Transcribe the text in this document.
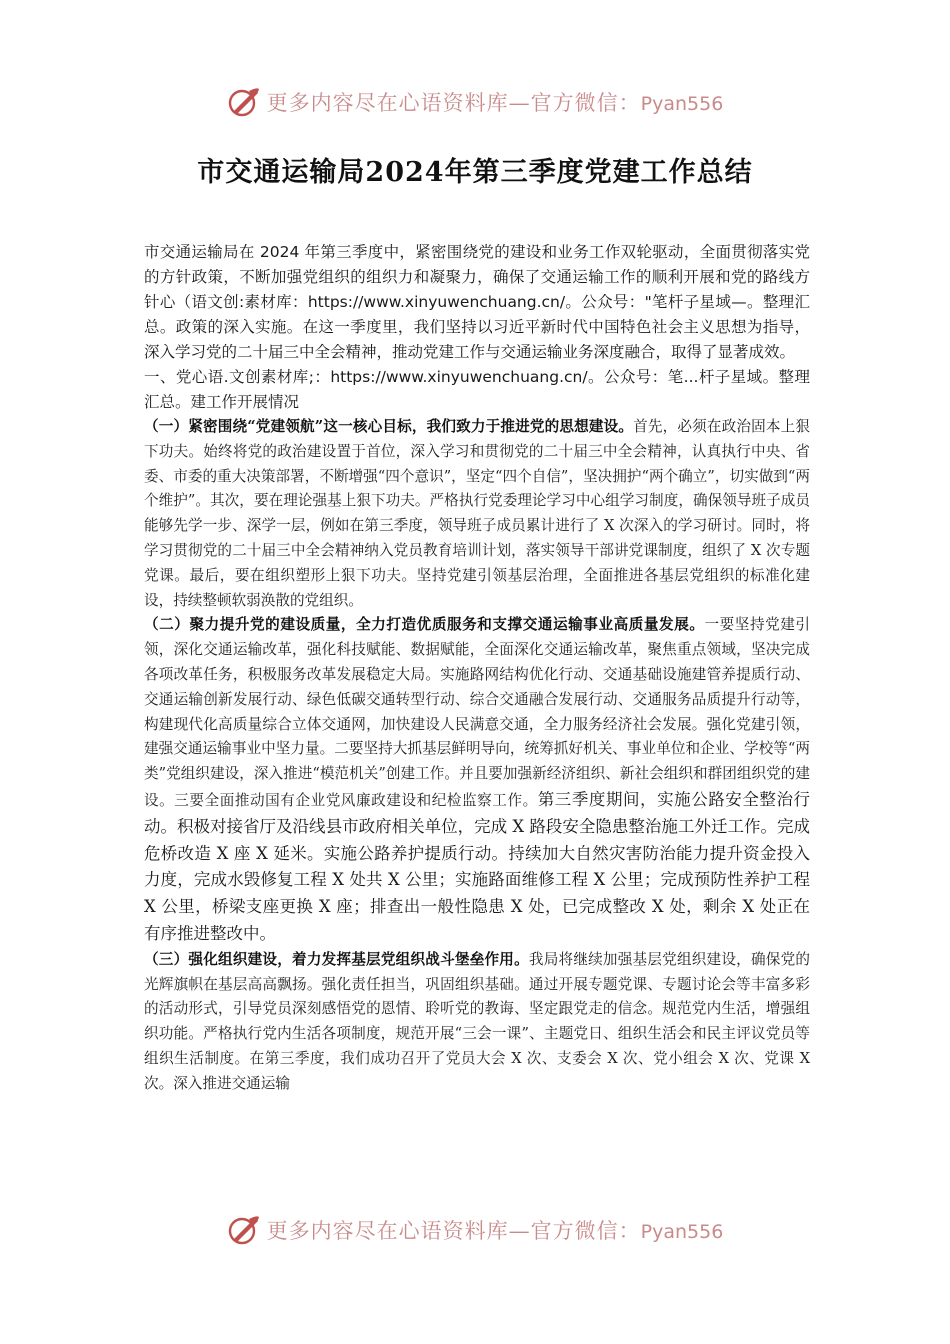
更多内容尽在心语资料库—官方微信：Pyan556
市交通运输局2024年第三季度党建工作总结

市交通运输局在 2024 年第三季度中，紧密围绕党的建设和业务工作双轮驱动，全面贯彻落实党的方针政策，不断加强党组织的组织力和凝聚力，确保了交通运输工作的顺利开展和党的路线方针心（语文创:素材库：https://www.xinyuwenchuang.cn/。公众号："笔杆子星域—。整理汇总。政策的深入实施。在这一季度里，我们坚持以习近平新时代中国特色社会主义思想为指导，深入学习党的二十届三中全会精神，推动党建工作与交通运输业务深度融合，取得了显著成效。

一、党心语.文创素材库;：https://www.xinyuwenchuang.cn/。公众号：笔...杆子星域。整理汇总。建工作开展情况

（一）紧密围绕“党建领航”这一核心目标，我们致力于推进党的思想建设。首先，必须在政治固本上狠下功夫。始终将党的政治建设置于首位，深入学习和贯彻党的二十届三中全会精神，认真执行中央、省委、市委的重大决策部署，不断增强“四个意识”，坚定“四个自信”，坚决拥护“两个确立”，切实做到“两个维护”。其次，要在理论强基上狠下功夫。严格执行党委理论学习中心组学习制度，确保领导班子成员能够先学一步、深学一层，例如在第三季度，领导班子成员累计进行了 X 次深入的学习研讨。同时，将学习贯彻党的二十届三中全会精神纳入党员教育培训计划，落实领导干部讲党课制度，组织了 X 次专题党课。最后，要在组织塑形上狠下功夫。坚持党建引领基层治理，全面推进各基层党组织的标准化建设，持续整顿软弱涣散的党组织。

（二）聚力提升党的建设质量，全力打造优质服务和支撑交通运输事业高质量发展。一要坚持党建引领，深化交通运输改革，强化科技赋能、数据赋能，全面深化交通运输改革，聚焦重点领域，坚决完成各项改革任务，积极服务改革发展稳定大局。实施路网结构优化行动、交通基础设施建管养提质行动、交通运输创新发展行动、绿色低碳交通转型行动、综合交通融合发展行动、交通服务品质提升行动等，构建现代化高质量综合立体交通网，加快建设人民满意交通，全力服务经济社会发展。强化党建引领，建强交通运输事业中坚力量。二要坚持大抓基层鲜明导向，统筹抓好机关、事业单位和企业、学校等“两类”党组织建设，深入推进“模范机关”创建工作。并且要加强新经济组织、新社会组织和群团组织党的建设。三要全面推动国有企业党风廉政建设和纪检监察工作。第三季度期间，实施公路安全整治行动。积极对接省厅及沿线县市政府相关单位，完成 X 路段安全隐患整治施工外迁工作。完成危桥改造 X 座 X 延米。实施公路养护提质行动。持续加大自然灾害防治能力提升资金投入力度，完成水毁修复工程 X 处共 X 公里；实施路面维修工程 X 公里；完成预防性养护工程 X 公里，桥梁支座更换 X 座；排查出一般性隐患 X 处，已完成整改 X 处，剩余 X 处正在有序推进整改中。

（三）强化组织建设，着力发挥基层党组织战斗堡垒作用。我局将继续加强基层党组织建设，确保党的光辉旗帜在基层高高飘扬。强化责任担当，巩固组织基础。通过开展专题党课、专题讨论会等丰富多彩的活动形式，引导党员深刻感悟党的恩情、聆听党的教诲、坚定跟党走的信念。规范党内生活，增强组织功能。严格执行党内生活各项制度，规范开展“三会一课”、主题党日、组织生活会和民主评议党员等组织生活制度。在第三季度，我们成功召开了党员大会 X 次、支委会 X 次、党小组会 X 次、党课 X 次。深入推进交通运输

更多内容尽在心语资料库—官方微信：Pyan556
